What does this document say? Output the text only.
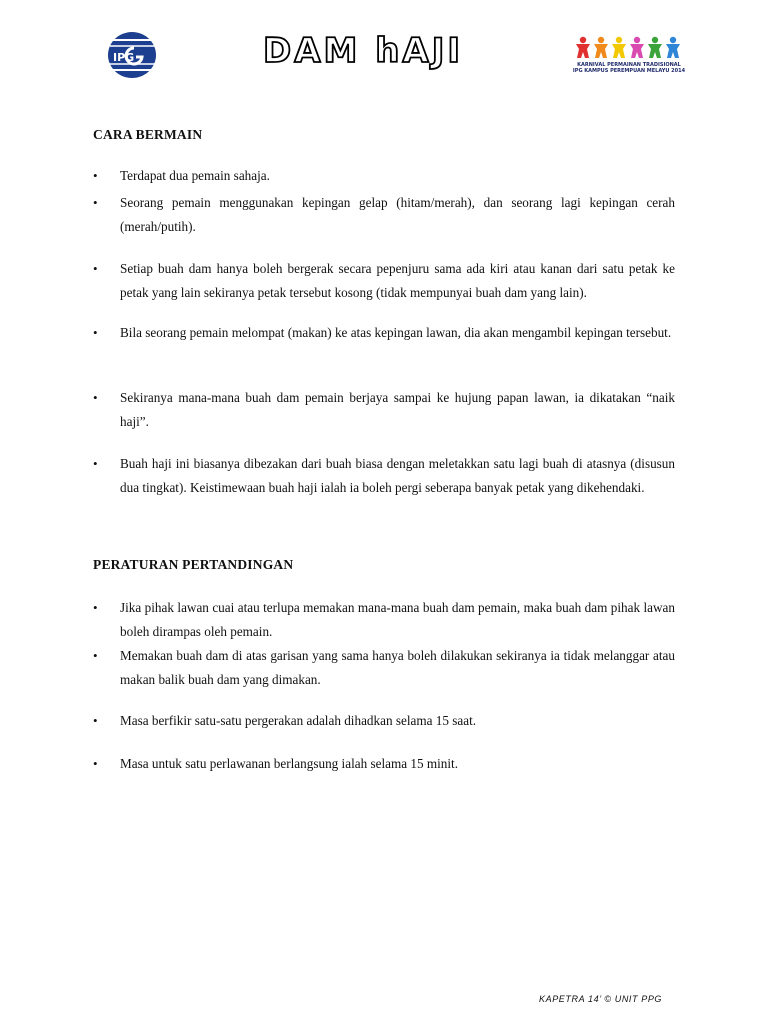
IPG	DAM hAJI	KARNIVAL PERMAINAN TRADISIONAL
IPG KAMPUS PEREMPUAN MELAYU 2014
CARA BERMAIN
• Terdapat dua pemain sahaja.
• Seorang pemain menggunakan kepingan gelap (hitam/merah), dan seorang lagi kepingan cerah (merah/putih).
• Setiap buah dam hanya boleh bergerak secara pepenjuru sama ada kiri atau kanan dari satu petak ke petak yang lain sekiranya petak tersebut kosong (tidak mempunyai buah dam yang lain).
• Bila seorang pemain melompat (makan) ke atas kepingan lawan, dia akan mengambil kepingan tersebut.
• Sekiranya mana-mana buah dam pemain berjaya sampai ke hujung papan lawan, ia dikatakan “naik haji”.
• Buah haji ini biasanya dibezakan dari buah biasa dengan meletakkan satu lagi buah di atasnya (disusun dua tingkat). Keistimewaan buah haji ialah ia boleh pergi seberapa banyak petak yang dikehendaki.
PERATURAN PERTANDINGAN
• Jika pihak lawan cuai atau terlupa memakan mana-mana buah dam pemain, maka buah dam pihak lawan boleh dirampas oleh pemain.
• Memakan buah dam di atas garisan yang sama hanya boleh dilakukan sekiranya ia tidak melanggar atau makan balik buah dam yang dimakan.
• Masa berfikir satu-satu pergerakan adalah dihadkan selama 15 saat.
• Masa untuk satu perlawanan berlangsung ialah selama 15 minit.
KAPETRA 14’ © UNIT PPG
